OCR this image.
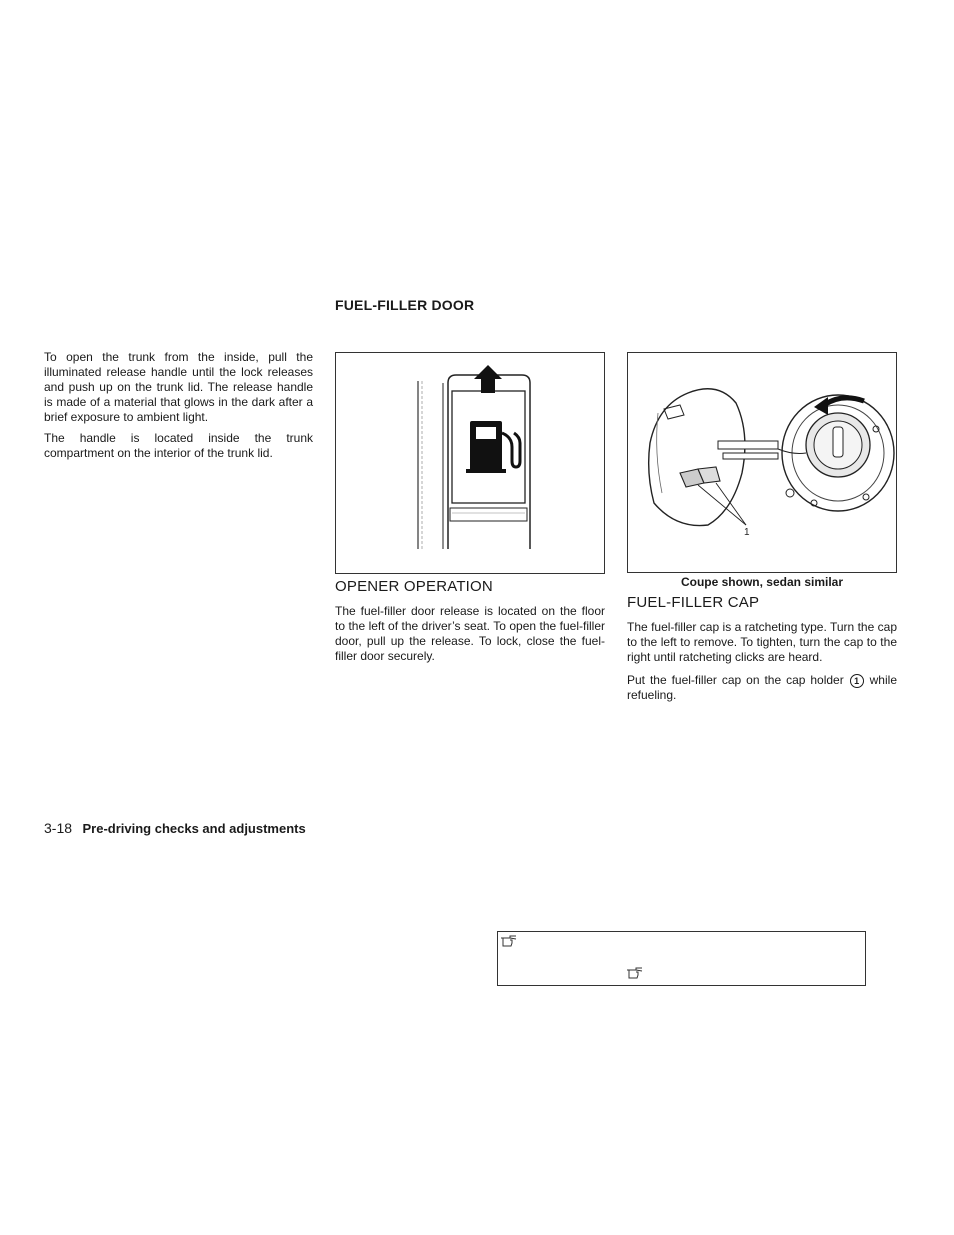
To open the trunk from the inside, pull the illuminated release handle until the lock releases and push up on the trunk lid. The release handle is made of a material that glows in the dark after a brief exposure to ambient light.

The handle is located inside the trunk compartment on the interior of the trunk lid.

FUEL-FILLER DOOR
1
Coupe shown, sedan similar
OPENER OPERATION

The fuel-filler door release is located on the floor to the left of the driver’s seat. To open the fuel-filler door, pull up the release. To lock, close the fuel-filler door securely.

FUEL-FILLER CAP

The fuel-filler cap is a ratcheting type. Turn the cap to the left to remove. To tighten, turn the cap to the right until ratcheting clicks are heard.

Put the fuel-filler cap on the cap holder 1 while refueling.

3-18 Pre-driving checks and adjustments
